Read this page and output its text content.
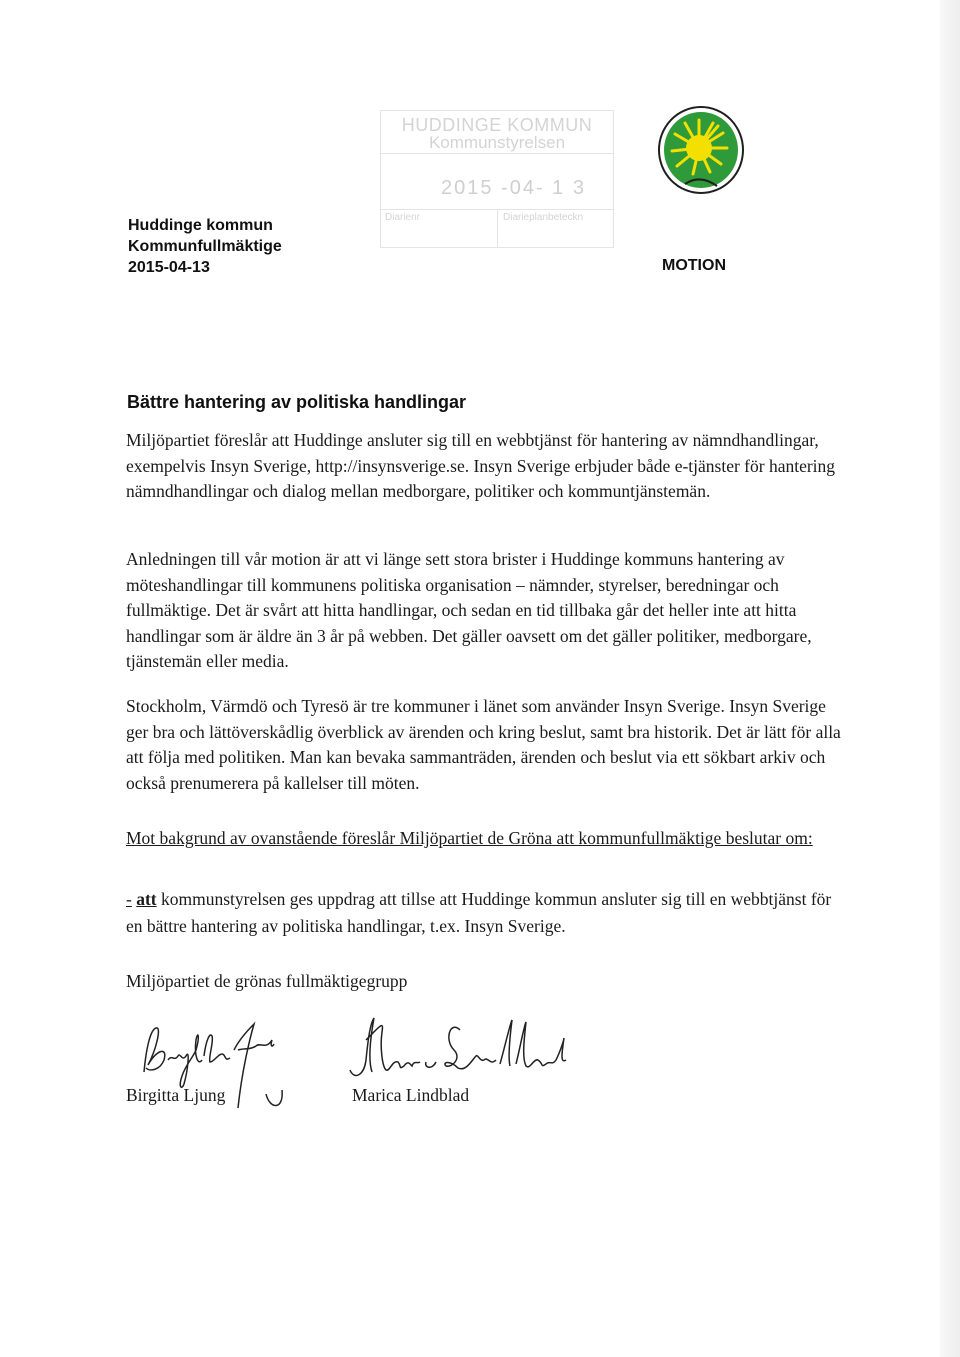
HUDDINGE KOMMUN
Kommunstyrelsen
2015 -04- 1 3
Diarienr	Diarieplanbeteckn
Huddinge kommun
Kommunfullmäktige
2015-04-13	MOTION
Bättre hantering av politiska handlingar
Miljöpartiet föreslår att Huddinge ansluter sig till en webbtjänst för hantering av nämndhandlingar, exempelvis Insyn Sverige, http://insynsverige.se. Insyn Sverige erbjuder både e-tjänster för hantering nämndhandlingar och dialog mellan medborgare, politiker och kommuntjänstemän.
Anledningen till vår motion är att vi länge sett stora brister i Huddinge kommuns hantering av möteshandlingar till kommunens politiska organisation – nämnder, styrelser, beredningar och fullmäktige. Det är svårt att hitta handlingar, och sedan en tid tillbaka går det heller inte att hitta handlingar som är äldre än 3 år på webben. Det gäller oavsett om det gäller politiker, medborgare, tjänstemän eller media.
Stockholm, Värmdö och Tyresö är tre kommuner i länet som använder Insyn Sverige. Insyn Sverige ger bra och lättöverskådlig överblick av ärenden och kring beslut, samt bra historik. Det är lätt för alla att följa med politiken. Man kan bevaka sammanträden, ärenden och beslut via ett sökbart arkiv och också prenumerera på kallelser till möten.
Mot bakgrund av ovanstående föreslår Miljöpartiet de Gröna att kommunfullmäktige beslutar om:
- att kommunstyrelsen ges uppdrag att tillse att Huddinge kommun ansluter sig till en webbtjänst för en bättre hantering av politiska handlingar, t.ex. Insyn Sverige.
Miljöpartiet de grönas fullmäktigegrupp
Birgitta Ljung	Marica Lindblad
